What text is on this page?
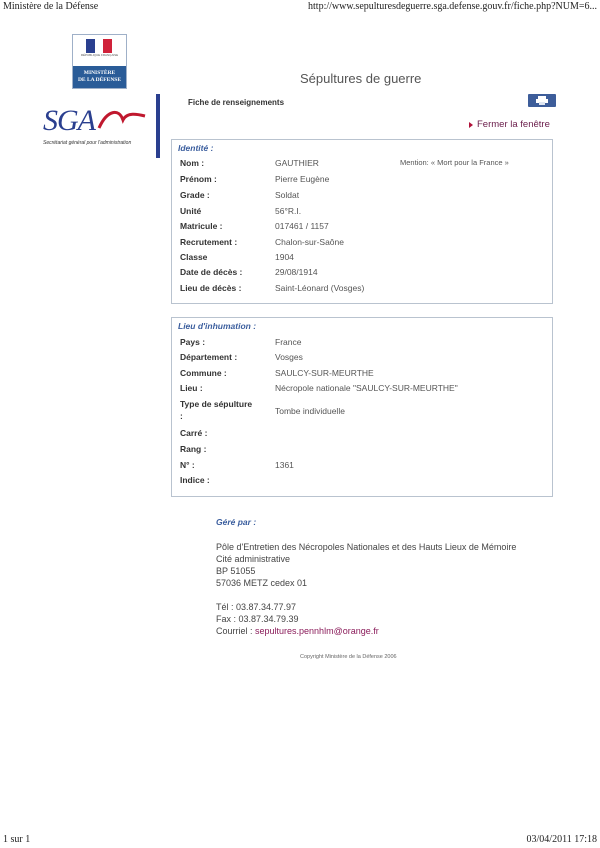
Ministère de la Défense	http://www.sepulturesdeguerre.sga.defense.gouv.fr/fiche.php?NUM=6...
1 sur 1	03/04/2011 17:18
RÉPUBLIQUE FRANÇAISE
MINISTÈRE
DE LA DÉFENSE
SGA
Secrétariat général pour l'administration
Sépultures de guerre
Fiche de renseignements
Fermer la fenêtre
Identité :
Mention: « Mort pour la France »
Nom :	GAUTHIER
Prénom :	Pierre Eugène
Grade :	Soldat
Unité	56°R.I.
Matricule :	017461 / 1157
Recrutement :	Chalon-sur-Saône
Classe	1904
Date de décès :	29/08/1914
Lieu de décès :	Saint-Léonard (Vosges)
Lieu d'inhumation :
Pays :	France
Département :	Vosges
Commune :	SAULCY-SUR-MEURTHE
Lieu :	Nécropole nationale "SAULCY-SUR-MEURTHE"
Type de sépulture
:	Tombe individuelle
Carré :
Rang :
N° :	1361
Indice :
Géré par :
Pôle d'Entretien des Nécropoles Nationales et des Hauts Lieux de Mémoire
Cité administrative
BP 51055
57036 METZ cedex 01
Tél : 03.87.34.77.97
Fax : 03.87.34.79.39
Courriel : sepultures.pennhlm@orange.fr
Copyright Ministère de la Défense 2006
